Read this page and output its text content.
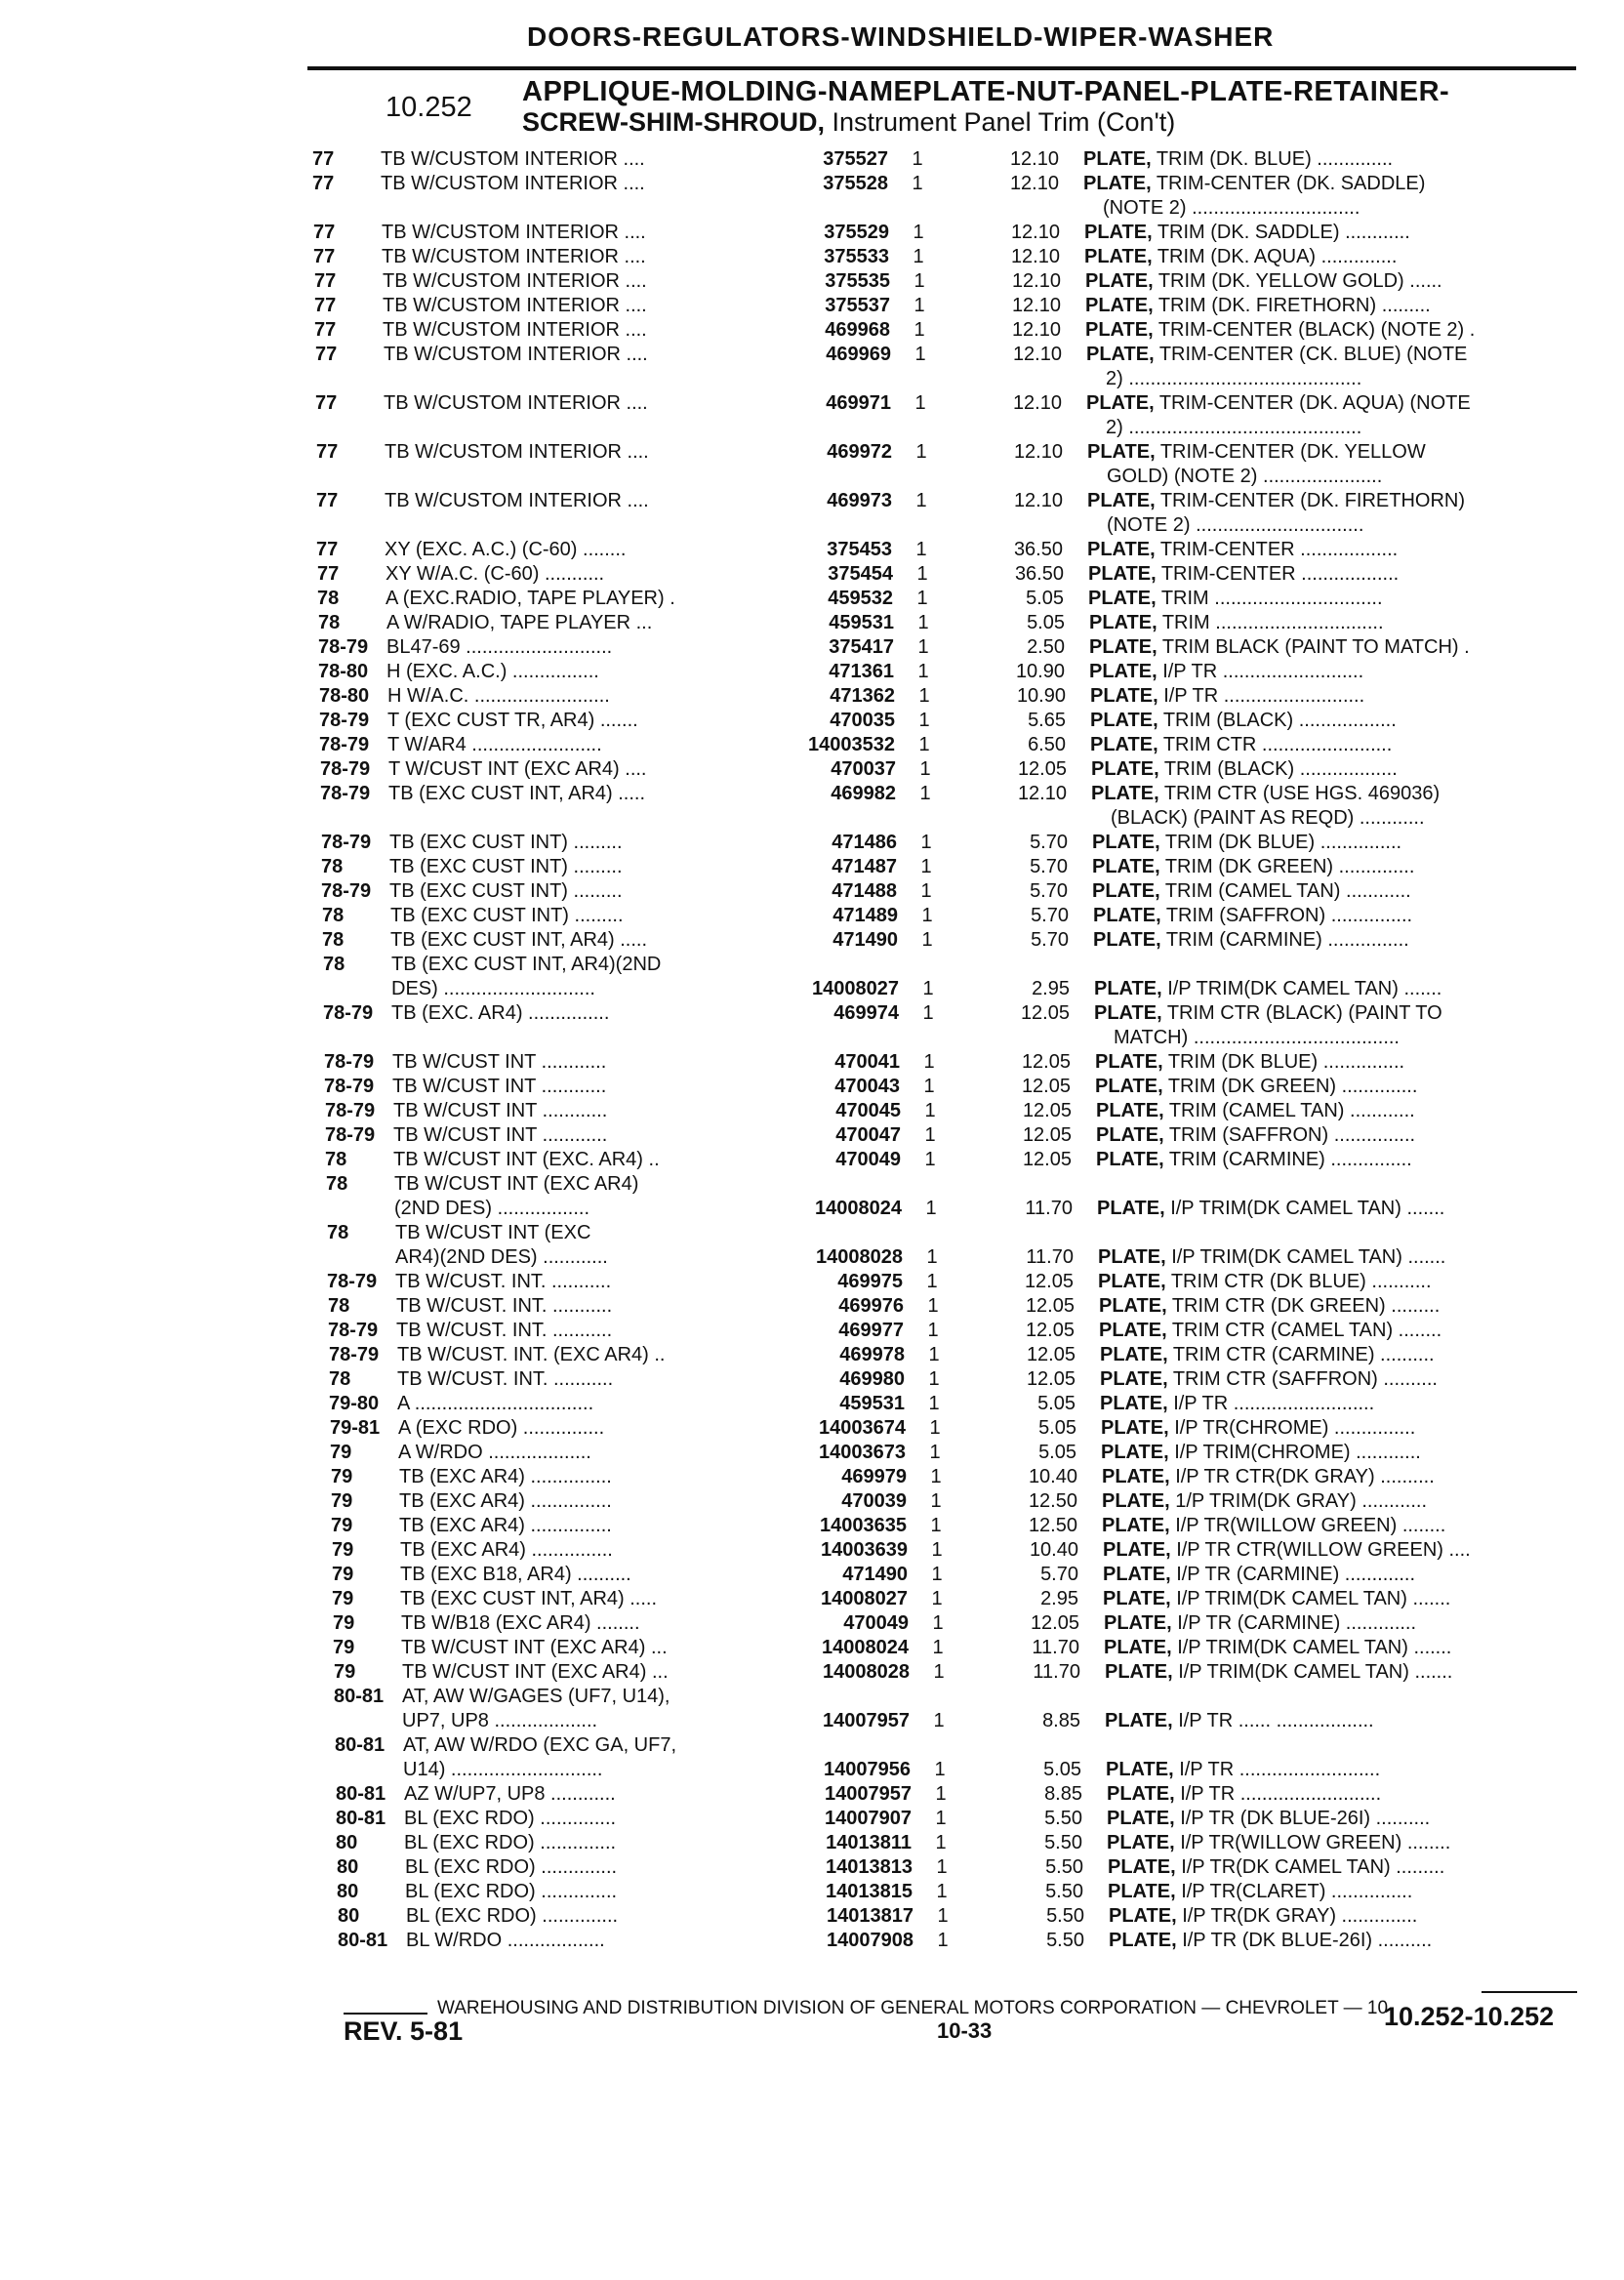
DOORS-REGULATORS-WINDSHIELD-WIPER-WASHER
10.252 APPLIQUE-MOLDING-NAMEPLATE-NUT-PANEL-PLATE-RETAINER-
SCREW-SHIM-SHROUD, Instrument Panel Trim (Con't)
77	TB W/CUSTOM INTERIOR ....	375527	1	12.10 PLATE, TRIM (DK. BLUE) ..............
77	TB W/CUSTOM INTERIOR ....	375528	1	12.10 PLATE, TRIM-CENTER (DK. SADDLE)
(NOTE 2) ...............................
77	TB W/CUSTOM INTERIOR ....	375529	1	12.10 PLATE, TRIM (DK. SADDLE) ............
77	TB W/CUSTOM INTERIOR ....	375533	1	12.10 PLATE, TRIM (DK. AQUA) ..............
77	TB W/CUSTOM INTERIOR ....	375535	1	12.10 PLATE, TRIM (DK. YELLOW GOLD) ......
77	TB W/CUSTOM INTERIOR ....	375537	1	12.10 PLATE, TRIM (DK. FIRETHORN) .........
77	TB W/CUSTOM INTERIOR ....	469968	1	12.10 PLATE, TRIM-CENTER (BLACK) (NOTE 2) .
77	TB W/CUSTOM INTERIOR ....	469969	1	12.10 PLATE, TRIM-CENTER (CK. BLUE) (NOTE
2) ...........................................
77	TB W/CUSTOM INTERIOR ....	469971	1	12.10 PLATE, TRIM-CENTER (DK. AQUA) (NOTE
2) ...........................................
77	TB W/CUSTOM INTERIOR ....	469972	1	12.10 PLATE, TRIM-CENTER (DK. YELLOW
GOLD) (NOTE 2) ......................
77	TB W/CUSTOM INTERIOR ....	469973	1	12.10 PLATE, TRIM-CENTER (DK. FIRETHORN)
(NOTE 2) ...............................
77	XY (EXC. A.C.) (C-60) ........	375453	1	36.50 PLATE, TRIM-CENTER ..................
77	XY W/A.C. (C-60) ...........	375454	1	36.50 PLATE, TRIM-CENTER ..................
78	A (EXC.RADIO, TAPE PLAYER) .	459532	1	5.05 PLATE, TRIM ...............................
78	A W/RADIO, TAPE PLAYER ...	459531	1	5.05 PLATE, TRIM ...............................
78-79 BL47-69 ...........................	375417	1	2.50 PLATE, TRIM BLACK (PAINT TO MATCH) .
78-80 H (EXC. A.C.) ................	471361	1	10.90 PLATE, I/P TR ..........................
78-80 H W/A.C. .........................	471362	1	10.90 PLATE, I/P TR ..........................
78-79 T (EXC CUST TR, AR4) .......	470035	1	5.65 PLATE, TRIM (BLACK) ..................
78-79 T W/AR4 ........................	14003532	1	6.50 PLATE, TRIM CTR ........................
78-79 T W/CUST INT (EXC AR4) ....	470037	1	12.05 PLATE, TRIM (BLACK) ..................
78-79 TB (EXC CUST INT, AR4) .....	469982	1	12.10 PLATE, TRIM CTR (USE HGS. 469036)
(BLACK) (PAINT AS REQD) ............
78-79 TB (EXC CUST INT) .........	471486	1	5.70 PLATE, TRIM (DK BLUE) ...............
78	TB (EXC CUST INT) .........	471487	1	5.70 PLATE, TRIM (DK GREEN) ..............
78-79 TB (EXC CUST INT) .........	471488	1	5.70 PLATE, TRIM (CAMEL TAN) ............
78	TB (EXC CUST INT) .........	471489	1	5.70 PLATE, TRIM (SAFFRON) ...............
78	TB (EXC CUST INT, AR4) .....	471490	1	5.70 PLATE, TRIM (CARMINE) ...............
78	TB (EXC CUST INT, AR4)(2ND
DES) ............................	14008027	1	2.95 PLATE, I/P TRIM(DK CAMEL TAN) .......
78-79 TB (EXC. AR4) ...............	469974	1	12.05 PLATE, TRIM CTR (BLACK) (PAINT TO
MATCH) ......................................
78-79 TB W/CUST INT ............	470041	1	12.05 PLATE, TRIM (DK BLUE) ...............
78-79 TB W/CUST INT ............	470043	1	12.05 PLATE, TRIM (DK GREEN) ..............
78-79 TB W/CUST INT ............	470045	1	12.05 PLATE, TRIM (CAMEL TAN) ............
78-79 TB W/CUST INT ............	470047	1	12.05 PLATE, TRIM (SAFFRON) ...............
78	TB W/CUST INT (EXC. AR4) ..	470049	1	12.05 PLATE, TRIM (CARMINE) ...............
78	TB W/CUST INT (EXC AR4)
(2ND DES) .................	14008024	1	11.70 PLATE, I/P TRIM(DK CAMEL TAN) .......
78	TB W/CUST INT (EXC
AR4)(2ND DES) ............	14008028	1	11.70 PLATE, I/P TRIM(DK CAMEL TAN) .......
78-79 TB W/CUST. INT. ...........	469975	1	12.05 PLATE, TRIM CTR (DK BLUE) ...........
78	TB W/CUST. INT. ...........	469976	1	12.05 PLATE, TRIM CTR (DK GREEN) .........
78-79 TB W/CUST. INT. ...........	469977	1	12.05 PLATE, TRIM CTR (CAMEL TAN) ........
78-79 TB W/CUST. INT. (EXC AR4) ..	469978	1	12.05 PLATE, TRIM CTR (CARMINE) ..........
78	TB W/CUST. INT. ...........	469980	1	12.05 PLATE, TRIM CTR (SAFFRON) ..........
79-80 A .................................	459531	1	5.05 PLATE, I/P TR ..........................
79-81 A (EXC RDO) ...............	14003674	1	5.05 PLATE, I/P TR(CHROME) ...............
79	A W/RDO ...................	14003673	1	5.05 PLATE, I/P TRIM(CHROME) ............
79	TB (EXC AR4) ...............	469979	1	10.40 PLATE, I/P TR CTR(DK GRAY) ..........
79	TB (EXC AR4) ...............	470039	1	12.50 PLATE, 1/P TRIM(DK GRAY) ............
79	TB (EXC AR4) ...............	14003635	1	12.50 PLATE, I/P TR(WILLOW GREEN) ........
79	TB (EXC AR4) ...............	14003639	1	10.40 PLATE, I/P TR CTR(WILLOW GREEN) ....
79	TB (EXC B18, AR4) ..........	471490	1	5.70 PLATE, I/P TR (CARMINE) .............
79	TB (EXC CUST INT, AR4) .....	14008027	1	2.95 PLATE, I/P TRIM(DK CAMEL TAN) .......
79	TB W/B18 (EXC AR4) ........	470049	1	12.05 PLATE, I/P TR (CARMINE) .............
79	TB W/CUST INT (EXC AR4) ...	14008024	1	11.70 PLATE, I/P TRIM(DK CAMEL TAN) .......
79	TB W/CUST INT (EXC AR4) ...	14008028	1	11.70 PLATE, I/P TRIM(DK CAMEL TAN) .......
80-81 AT, AW W/GAGES (UF7, U14),
UP7, UP8 ...................	14007957	1	8.85 PLATE, I/P TR ...... ..................
80-81 AT, AW W/RDO (EXC GA, UF7,
U14) ............................	14007956	1	5.05 PLATE, I/P TR ..........................
80-81 AZ W/UP7, UP8 ............	14007957	1	8.85 PLATE, I/P TR ..........................
80-81 BL (EXC RDO) ..............	14007907	1	5.50 PLATE, I/P TR (DK BLUE-26I) ..........
80	BL (EXC RDO) ..............	14013811	1	5.50 PLATE, I/P TR(WILLOW GREEN) ........
80	BL (EXC RDO) ..............	14013813	1	5.50 PLATE, I/P TR(DK CAMEL TAN) .........
80	BL (EXC RDO) ..............	14013815	1	5.50 PLATE, I/P TR(CLARET) ...............
80	BL (EXC RDO) ..............	14013817	1	5.50 PLATE, I/P TR(DK GRAY) ..............
80-81 BL W/RDO ..................	14007908	1	5.50 PLATE, I/P TR (DK BLUE-26I) ..........
WAREHOUSING AND DISTRIBUTION DIVISION OF GENERAL MOTORS CORPORATION — CHEVROLET — 10
REV. 5-81	10-33	10.252-10.252
